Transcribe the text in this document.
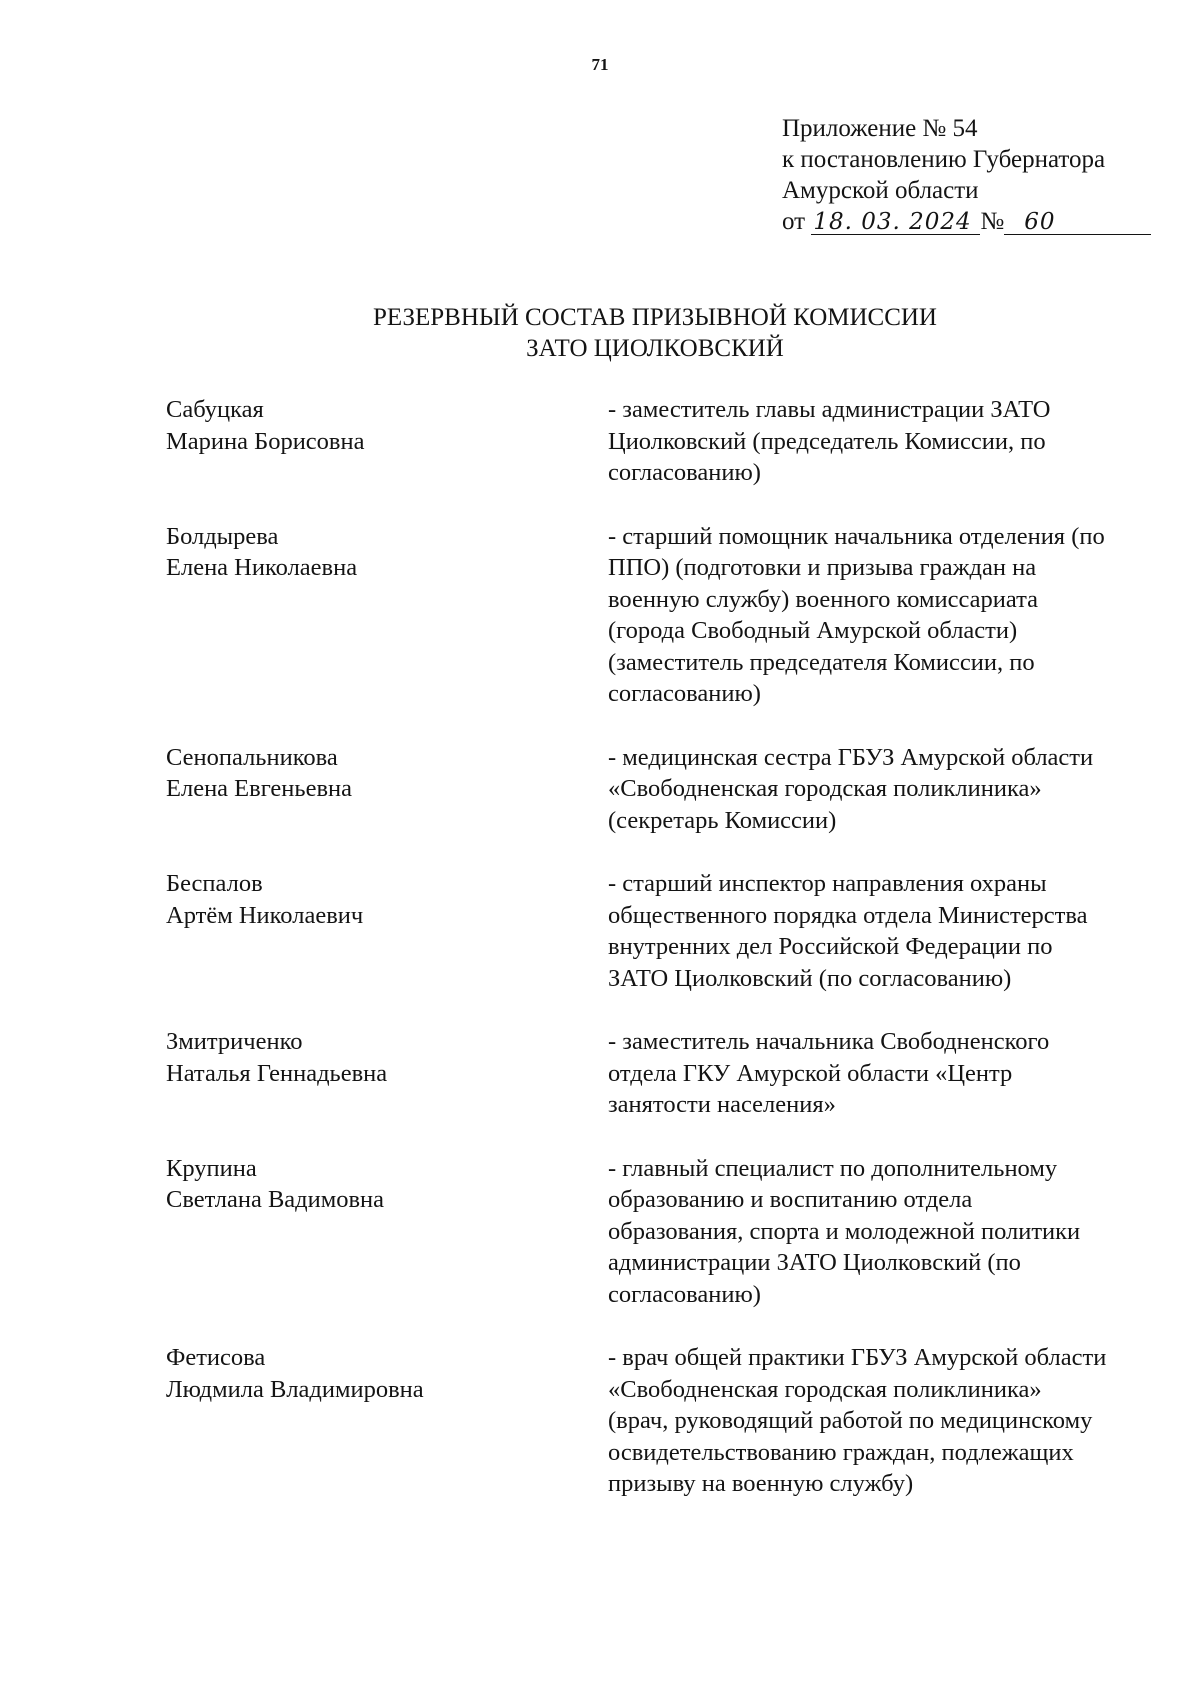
71
Приложение № 54
к постановлению Губернатора
Амурской области
от 18. 03. 2024 № 60
РЕЗЕРВНЫЙ СОСТАВ ПРИЗЫВНОЙ КОМИССИИ
ЗАТО ЦИОЛКОВСКИЙ
Сабуцкая
Марина Борисовна
- заместитель главы администрации ЗАТО Циолковский (председатель Комиссии, по согласованию)
Болдырева
Елена Николаевна
- старший помощник начальника отделения (по ППО) (подготовки и призыва граждан на военную службу) военного комиссариата (города Свободный Амурской области) (заместитель председателя Комиссии, по согласованию)
Сенопальникова
Елена Евгеньевна
- медицинская сестра ГБУЗ Амурской области «Свободненская городская поликлиника» (секретарь Комиссии)
Беспалов
Артём Николаевич
- старший инспектор направления охраны общественного порядка отдела Министерства внутренних дел Российской Федерации по ЗАТО Циолковский (по согласованию)
Змитриченко
Наталья Геннадьевна
- заместитель начальника Свободненского отдела ГКУ Амурской области «Центр занятости населения»
Крупина
Светлана Вадимовна
- главный специалист по дополнительному образованию и воспитанию отдела образования, спорта и молодежной политики администрации ЗАТО Циолковский (по согласованию)
Фетисова
Людмила Владимировна
- врач общей практики ГБУЗ Амурской области «Свободненская городская поликлиника» (врач, руководящий работой по медицинскому освидетельствованию граждан, подлежащих призыву на военную службу)
